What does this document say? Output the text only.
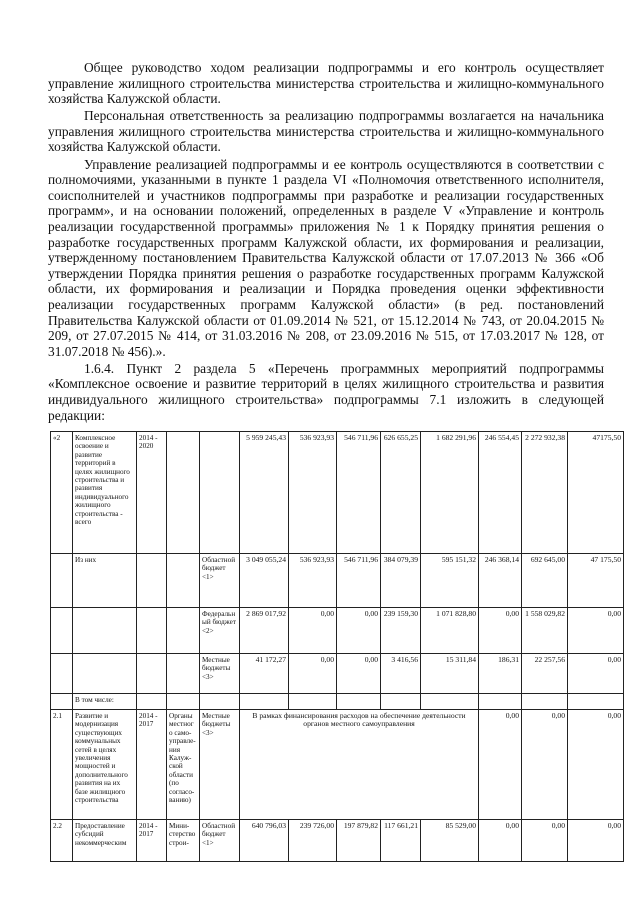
Общее руководство ходом реализации подпрограммы и его контроль осуществляет управление жилищного строительства министерства строительства и жилищно-коммунального хозяйства Калужской области.

Персональная ответственность за реализацию подпрограммы возлагается на начальника управления жилищного строительства министерства строительства и жилищно-коммунального хозяйства Калужской области.

Управление реализацией подпрограммы и ее контроль осуществляются в соответствии с полномочиями, указанными в пункте 1 раздела VI «Полномочия ответственного исполнителя, соисполнителей и участников подпрограммы при разработке и реализации государственных программ», и на основании положений, определенных в разделе V «Управление и контроль реализации государственной программы» приложения № 1 к Порядку принятия решения о разработке государственных программ Калужской области, их формирования и реализации, утвержденному постановлением Правительства Калужской области от 17.07.2013 № 366 «Об утверждении Порядка принятия решения о разработке государственных программ Калужской области, их формирования и реализации и Порядка проведения оценки эффективности реализации государственных программ Калужской области» (в ред. постановлений Правительства Калужской области от 01.09.2014 № 521, от 15.12.2014 № 743, от 20.04.2015 № 209, от 27.07.2015 № 414, от 31.03.2016 № 208, от 23.09.2016 № 515, от 17.03.2017 № 128, от 31.07.2018 № 456).».

1.6.4. Пункт 2 раздела 5 «Перечень программных мероприятий подпрограммы «Комплексное освоение и развитие территорий в целях жилищного строительства и развития индивидуального жилищного строительства» подпрограммы 7.1 изложить в следующей редакции:

«2	Комплексное освоение и развитие территорий в целях жилищного строительства и развития индивидуального жилищного строительства - всего	2014 - 2020			5 959 245,43	536 923,93	546 711,96	626 655,25	1 682 291,96	246 554,45	2 272 932,38	47175,50
	Из них			Областной бюджет <1>	3 049 055,24	536 923,93	546 711,96	384 079,39	595 151,32	246 368,14	692 645,00	47 175,50
				Федеральный бюджет <2>	2 869 017,92	0,00	0,00	239 159,30	1 071 828,80	0,00	1 558 029,82	0,00
				Местные бюджеты <3>	41 172,27	0,00	0,00	3 416,56	15 311,84	186,31	22 257,56	0,00
	В том числе:											
2.1	Развитие и модернизация существующих коммунальных сетей в целях увеличения мощностей и дополнительного развития на их базе жилищного строительства	2014 - 2017	Органы местного само-управле-ния Калуж-ской области (по согласо-ванию)	Местные бюджеты <3>	В рамках финансирования расходов на обеспечение деятельности органов местного самоуправления					0,00	0,00	0,00
2.2	Предоставление субсидий некоммерческим	2014 - 2017	Мини-стерство строи-	Областной бюджет <1>	640 796,03	239 726,00	197 879,82	117 661,21	85 529,00	0,00	0,00	0,00
